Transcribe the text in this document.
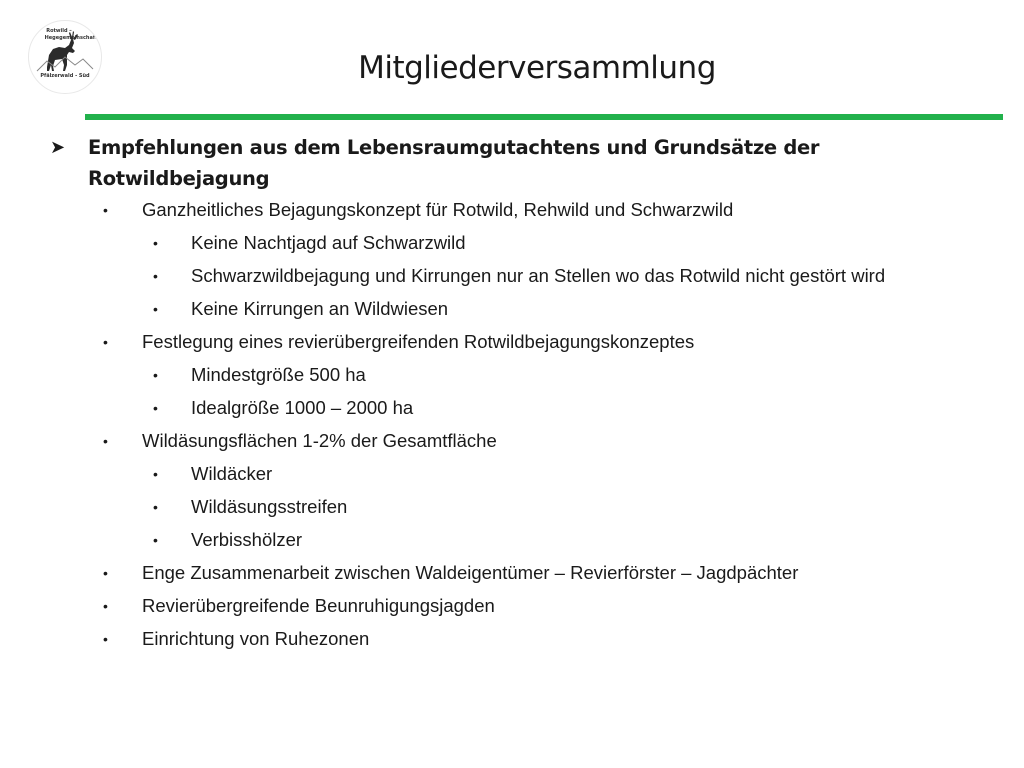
Rotwild –
Hegegemeinschaft
Pfälzerwald - Süd	Mitgliederversammlung
➤	Empfehlungen aus dem Lebensraumgutachtens und Grundsätze der Rotwildbejagung
• Ganzheitliches Bejagungskonzept für Rotwild, Rehwild und Schwarzwild
• Keine Nachtjagd auf Schwarzwild
• Schwarzwildbejagung und Kirrungen nur an Stellen wo das Rotwild nicht gestört wird
• Keine Kirrungen an Wildwiesen
• Festlegung eines revierübergreifenden Rotwildbejagungskonzeptes
• Mindestgröße 500 ha
• Idealgröße 1000 – 2000 ha
• Wildäsungsflächen 1-2% der Gesamtfläche
• Wildäcker
• Wildäsungsstreifen
• Verbisshölzer
• Enge Zusammenarbeit zwischen Waldeigentümer – Revierförster – Jagdpächter
• Revierübergreifende Beunruhigungsjagden
• Einrichtung von Ruhezonen
